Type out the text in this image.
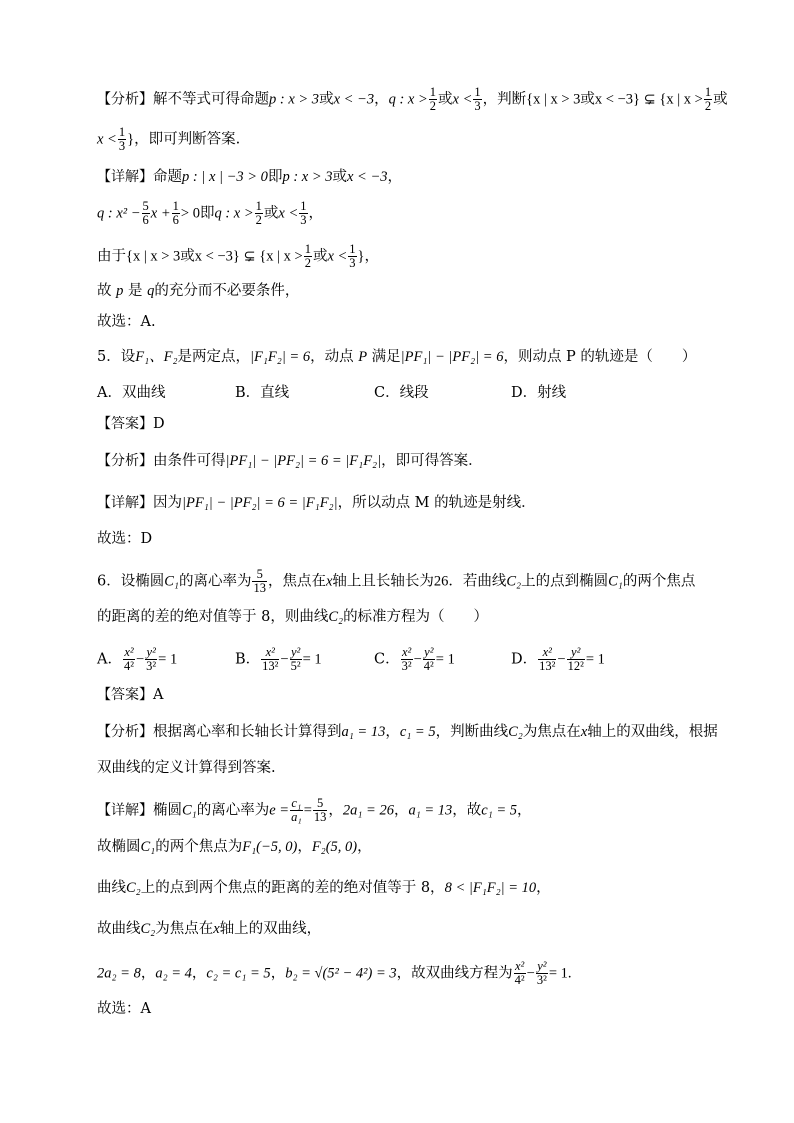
【分析】解不等式可得命题p : x > 3或x < −3，q : $x > \frac{1}{2}$ 或$x < \frac{1}{3}$ ，判断{x | x > 3或x < −3} ⊊ {x | $x > \frac{1}{2}$ 或
$x < \frac{1}{3}$ }，即可判断答案.
【详解】命题p : | x | −3 > 0即p : x > 3或x < −3，
q : $x^2 - \frac{5}{6}$ $x + \frac{1}{6} > 0$即q : $x > \frac{1}{2}$ 或$x < \frac{1}{3}$ ，
由于{x | x > 3或x < −3} ⊊ {x | $x > \frac{1}{2}$ 或$x < \frac{1}{3}$ }，
故 p 是 q的充分而不必要条件，
故选：A.
5．设F₁、F₂是两定点，|F₁F₂| = 6，动点 P 满足|PF₁| − |PF₂| = 6，则动点 P 的轨迹是（　　）
A．双曲线	B．直线	C．线段	D．射线
【答案】D
【分析】由条件可得|PF₁| − |PF₂| = 6 = |F₁F₂|，即可得答案．
【详解】因为|PF₁| − |PF₂| = 6 = |F₁F₂|，所以动点 M 的轨迹是射线．
故选：D
6．设椭圆C₁的离心率为 $\frac{5}{13}$ ，焦点在x轴上且长轴长为26．若曲线C₂上的点到椭圆C₁的两个焦点
的距离的差的绝对值等于 8，则曲线C₂的标准方程为（　　）
A． $\frac{\text{x²}}{\text{4²}} - \frac{\text{y²}}{\text{3²}} = 1$	B． $\frac{\text{x²}}{\text{13²}} - \frac{\text{y²}}{\text{5²}} = 1$	C． $\frac{\text{x²}}{\text{3²}} - \frac{\text{y²}}{\text{4²}} = 1$	D． $\frac{\text{x²}}{\text{13²}} - \frac{\text{y²}}{\text{12²}} = 1$
【答案】A
【分析】根据离心率和长轴长计算得到a₁ = 13，c₁ = 5，判断曲线C₂为焦点在x轴上的双曲线，根据
双曲线的定义计算得到答案.
【详解】椭圆C₁的离心率为$e = \frac{\text{c₁}}{\text{a₁}} = \frac{5}{13}$ ，2a₁ = 26，a₁ = 13，故c₁ = 5，
故椭圆C₁的两个焦点为F₁(−5, 0)，F₂(5, 0)，
曲线C₂上的点到两个焦点的距离的差的绝对值等于 8，8 < |F₁F₂| = 10，
故曲线C₂为焦点在x轴上的双曲线，
2a₂ = 8，a₂ = 4，c₂ = c₁ = 5，b₂ = √(5² − 4²) = 3，故双曲线方程为 $\frac{\text{x²}}{\text{4²}} - \frac{\text{y²}}{\text{3²}} = 1$.
故选：A
